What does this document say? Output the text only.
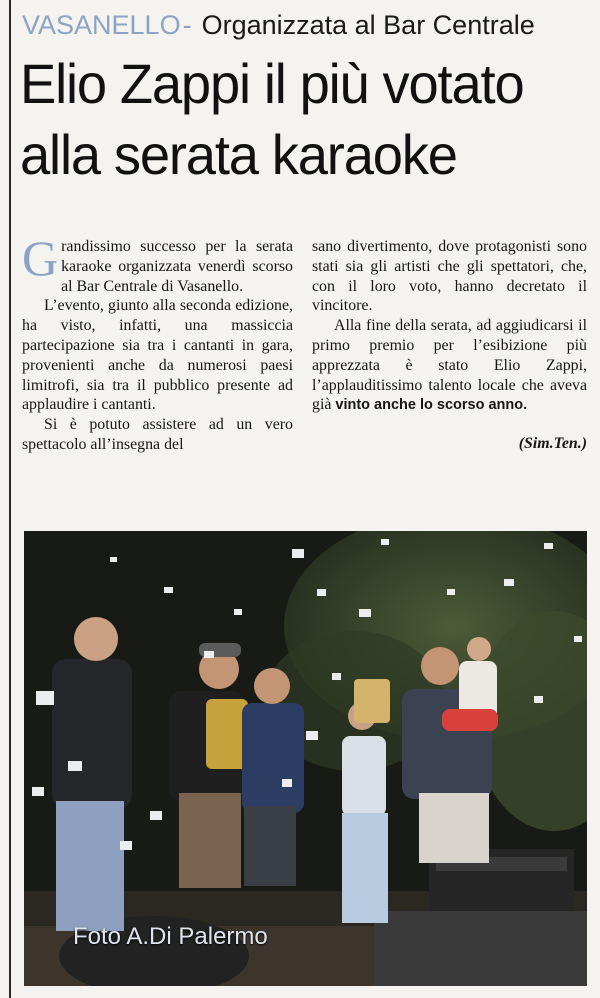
VASANELLO- Organizzata al Bar Centrale
Elio Zappi il più votato
alla serata karaoke

Grandissimo successo per la serata karaoke organizzata venerdì scorso al Bar Centrale di Vasanello.

L’evento, giunto alla seconda edizione, ha visto, infatti, una massiccia partecipazione sia tra i cantanti in gara, provenienti anche da numerosi paesi limitrofi, sia tra il pubblico presente ad applaudire i cantanti.

Si è potuto assistere ad un vero spettacolo all’insegna del

sano divertimento, dove protagonisti sono stati sia gli artisti che gli spettatori, che, con il loro voto, hanno decretato il vincitore.

Alla fine della serata, ad aggiudicarsi il primo premio per l’esibizione più apprezzata è stato Elio Zappi, l’applauditissimo talento locale che aveva già vinto anche lo scorso anno.

(Sim.Ten.)

Foto A.Di Palermo
